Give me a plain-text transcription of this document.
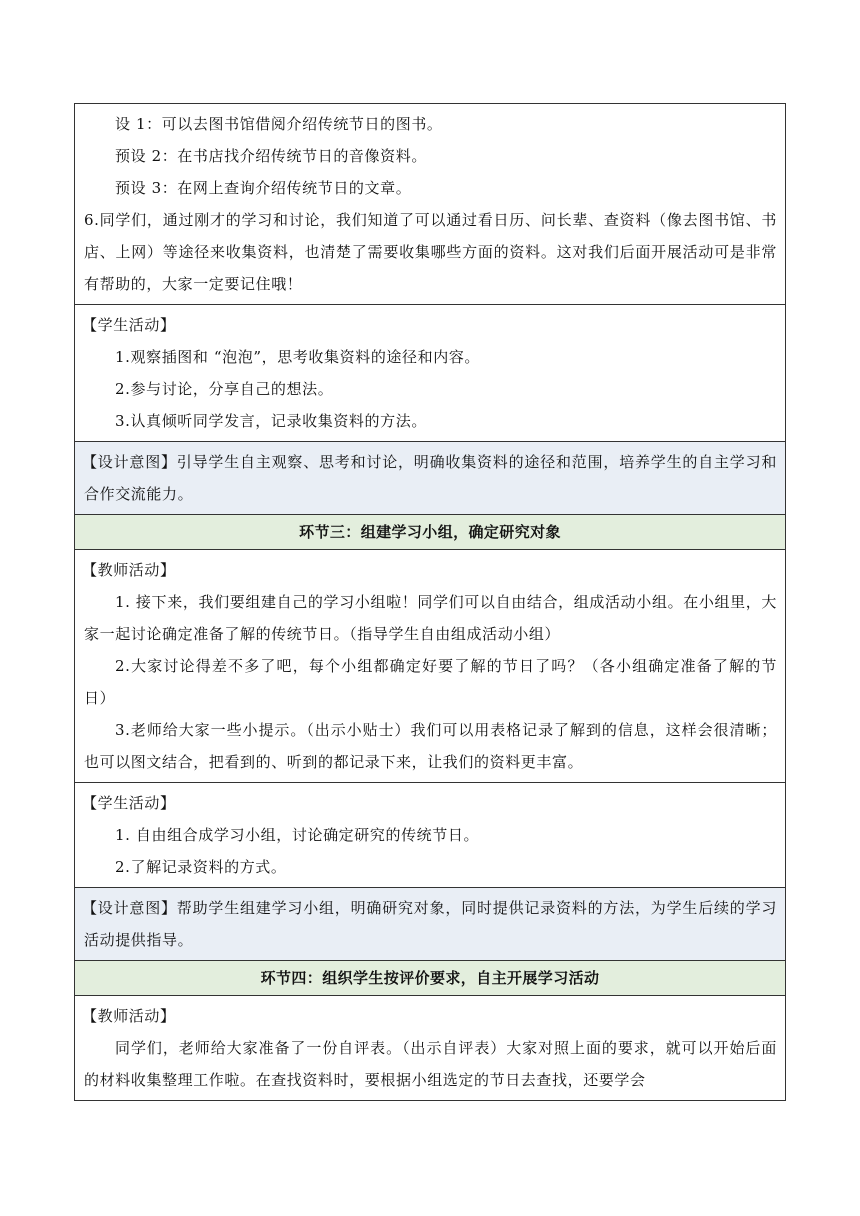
设 1：可以去图书馆借阅介绍传统节日的图书。
预设 2：在书店找介绍传统节日的音像资料。
预设 3：在网上查询介绍传统节日的文章。
6.同学们，通过刚才的学习和讨论，我们知道了可以通过看日历、问长辈、查资料（像去图书馆、书店、上网）等途径来收集资料，也清楚了需要收集哪些方面的资料。这对我们后面开展活动可是非常有帮助的，大家一定要记住哦！
【学生活动】
1.观察插图和 “泡泡”，思考收集资料的途径和内容。
2.参与讨论，分享自己的想法。
3.认真倾听同学发言，记录收集资料的方法。
【设计意图】引导学生自主观察、思考和讨论，明确收集资料的途径和范围，培养学生的自主学习和合作交流能力。
环节三：组建学习小组，确定研究对象
【教师活动】
1. 接下来，我们要组建自己的学习小组啦！同学们可以自由结合，组成活动小组。在小组里，大家一起讨论确定准备了解的传统节日。（指导学生自由组成活动小组）
2.大家讨论得差不多了吧，每个小组都确定好要了解的节日了吗？（各小组确定准备了解的节日）
3.老师给大家一些小提示。（出示小贴士）我们可以用表格记录了解到的信息，这样会很清晰；也可以图文结合，把看到的、听到的都记录下来，让我们的资料更丰富。
【学生活动】
1. 自由组合成学习小组，讨论确定研究的传统节日。
2.了解记录资料的方式。
【设计意图】帮助学生组建学习小组，明确研究对象，同时提供记录资料的方法，为学生后续的学习活动提供指导。
环节四：组织学生按评价要求，自主开展学习活动
【教师活动】
同学们，老师给大家准备了一份自评表。（出示自评表）大家对照上面的要求，就可以开始后面的材料收集整理工作啦。在查找资料时，要根据小组选定的节日去查找，还要学会
